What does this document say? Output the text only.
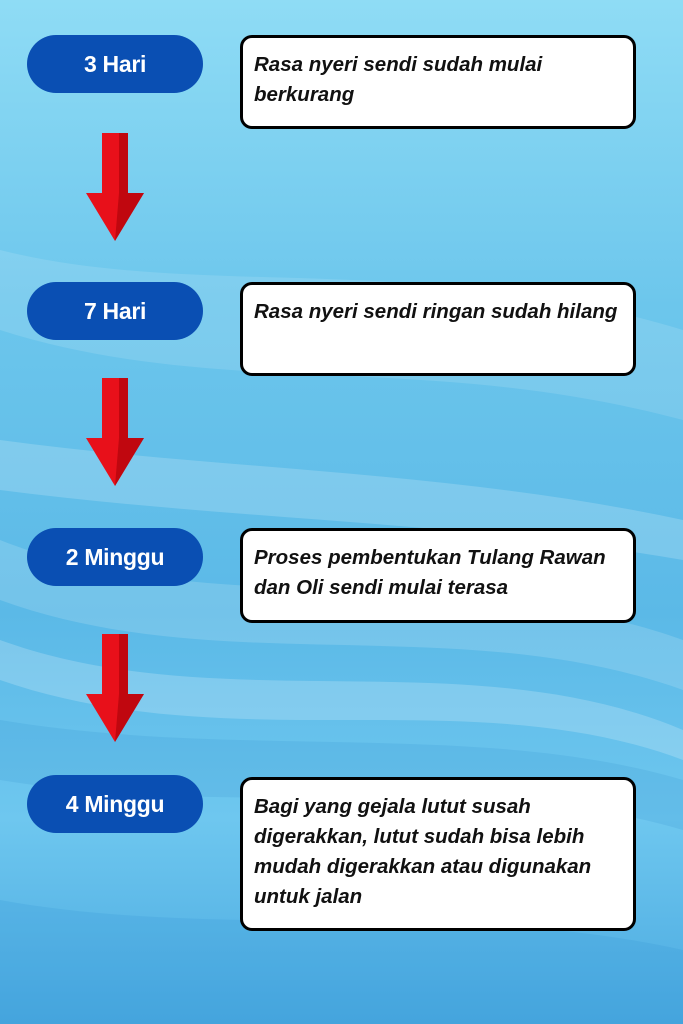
3 Hari	Rasa nyeri sendi sudah mulai berkurang
7 Hari	Rasa nyeri sendi ringan sudah hilang
2 Minggu	Proses pembentukan Tulang Rawan dan Oli sendi mulai terasa
4 Minggu	Bagi yang gejala lutut susah digerakkan, lutut sudah bisa lebih mudah digerakkan atau digunakan untuk jalan
